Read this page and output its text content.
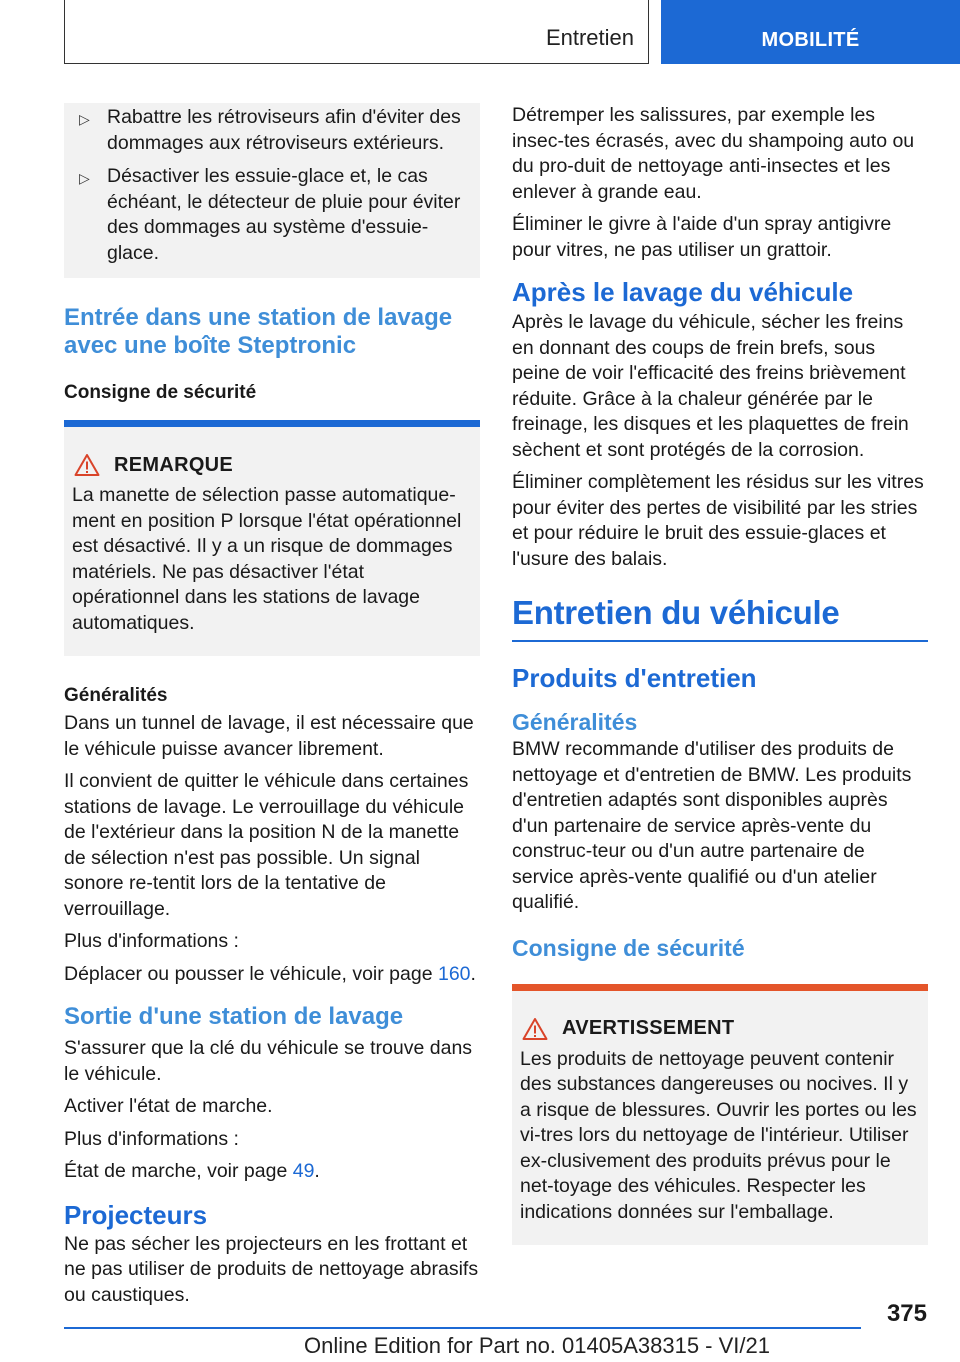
Entretien	MOBILITÉ
▷ Rabattre les rétroviseurs afin d'éviter des dommages aux rétroviseurs extérieurs.
▷ Désactiver les essuie-glace et, le cas échéant, le détecteur de pluie pour éviter des dommages au système d'essuie-glace.
Entrée dans une station de lavage avec une boîte Steptronic
Consigne de sécurité
REMARQUE

La manette de sélection passe automatique-ment en position P lorsque l'état opérationnel est désactivé. Il y a un risque de dommages matériels. Ne pas désactiver l'état opérationnel dans les stations de lavage automatiques.

Généralités

Dans un tunnel de lavage, il est nécessaire que le véhicule puisse avancer librement.

Il convient de quitter le véhicule dans certaines stations de lavage. Le verrouillage du véhicule de l'extérieur dans la position N de la manette de sélection n'est pas possible. Un signal sonore re-tentit lors de la tentative de verrouillage.

Plus d'informations :

Déplacer ou pousser le véhicule, voir page 160.

Sortie d'une station de lavage

S'assurer que la clé du véhicule se trouve dans le véhicule.

Activer l'état de marche.

Plus d'informations :

État de marche, voir page 49.

Projecteurs

Ne pas sécher les projecteurs en les frottant et ne pas utiliser de produits de nettoyage abrasifs ou caustiques.

Détremper les salissures, par exemple les insec-tes écrasés, avec du shampoing auto ou du pro-duit de nettoyage anti-insectes et les enlever à grande eau.

Éliminer le givre à l'aide d'un spray antigivre pour vitres, ne pas utiliser un grattoir.

Après le lavage du véhicule

Après le lavage du véhicule, sécher les freins en donnant des coups de frein brefs, sous peine de voir l'efficacité des freins brièvement réduite. Grâce à la chaleur générée par le freinage, les disques et les plaquettes de frein sèchent et sont protégés de la corrosion.

Éliminer complètement les résidus sur les vitres pour éviter des pertes de visibilité par les stries et pour réduire le bruit des essuie-glaces et l'usure des balais.

Entretien du véhicule
Produits d'entretien
Généralités

BMW recommande d'utiliser des produits de nettoyage et d'entretien de BMW. Les produits d'entretien adaptés sont disponibles auprès d'un partenaire de service après-vente du construc-teur ou d'un autre partenaire de service après-vente qualifié ou d'un atelier qualifié.

Consigne de sécurité
AVERTISSEMENT

Les produits de nettoyage peuvent contenir des substances dangereuses ou nocives. Il y a risque de blessures. Ouvrir les portes ou les vi-tres lors du nettoyage de l'intérieur. Utiliser ex-clusivement des produits prévus pour le net-toyage des véhicules. Respecter les indications données sur l'emballage.

375
Online Edition for Part no. 01405A38315 - VI/21
